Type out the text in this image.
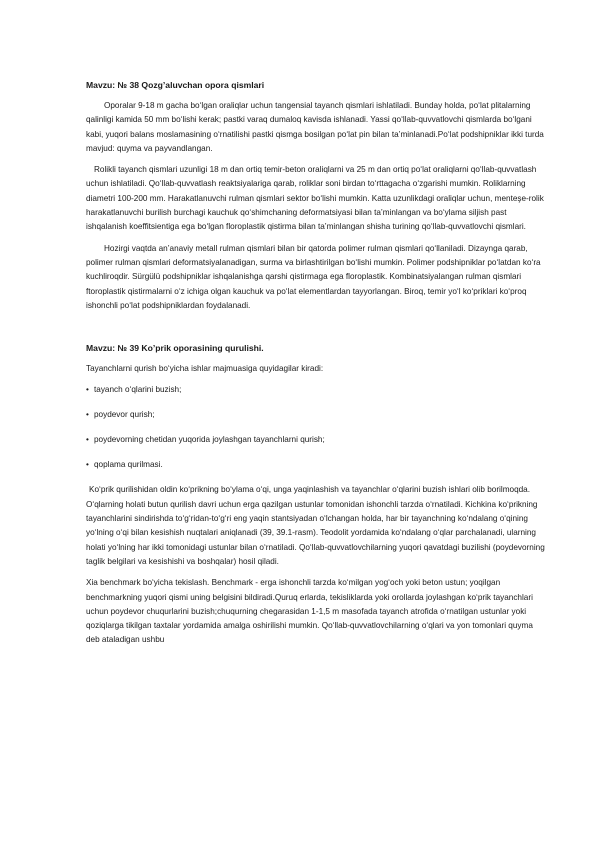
Mavzu: № 38 Qozg’aluvchan opora qismlari

Oporalar 9-18 m gacha bo‘lgan oraliqlar uchun tangensial tayanch qismlari ishlatiladi. Bunday holda, po‘lat plitalarning qalinligi kamida 50 mm bo‘lishi kerak; pastki varaq dumaloq kavisda ishlanadi. Yassi qo‘llab-quvvatlovchi qismlarda bo‘lgani kabi, yuqori balans moslamasining o‘rnatilishi pastki qismga bosilgan po‘lat pin bilan ta’minlanadi.Po‘lat podshipniklar ikki turda mavjud: quyma va payvandlangan.

Rolikli tayanch qismlari uzunligi 18 m dan ortiq temir-beton oraliqlarni va 25 m dan ortiq po‘lat oraliqlarni qo‘llab-quvvatlash uchun ishlatiladi. Qo‘llab-quvvatlash reaktsiyalariga qarab, roliklar soni birdan to‘rttagacha o‘zgarishi mumkin. Roliklarning diametri 100-200 mm. Harakatlanuvchi rulman qismlari sektor bo‘lishi mumkin. Katta uzunlikdagi oraliqlar uchun, menteşe-rolik harakatlanuvchi burilish burchagi kauchuk qo‘shimchaning deformatsiyasi bilan ta’minlangan va bo‘ylama siljish past ishqalanish koeffitsientiga ega bo‘lgan floroplastik qistirma bilan ta’minlangan shisha turining qo‘llab-quvvatlovchi qismlari.

Hozirgi vaqtda an’anaviy metall rulman qismlari bilan bir qatorda polimer rulman qismlari qo‘llaniladi. Dizaynga qarab, polimer rulman qismlari deformatsiyalanadigan, surma va birlashtirilgan bo‘lishi mumkin. Polimer podshipniklar po‘latdan ko‘ra kuchliroqdir. Sürgülü podshipniklar ishqalanishga qarshi qistirmaga ega floroplastik. Kombinatsiyalangan rulman qismlari ftoroplastik qistirmalarni o‘z ichiga olgan kauchuk va po‘lat elementlardan tayyorlangan. Biroq, temir yo‘l ko‘priklari ko‘proq ishonchli po‘lat podshipniklardan foydalanadi.

Mavzu: № 39 Ko’prik oporasining qurulishi.

Tayanchlarni qurish bo‘yicha ishlar majmuasiga quyidagilar kiradi:

• tayanch o‘qlarini buzish;

• poydevor qurish;

• poydevorning chetidan yuqorida joylashgan tayanchlarni qurish;

• qoplama qurilmasi.

Ko‘prik qurilishidan oldin ko‘prikning bo‘ylama o‘qi, unga yaqinlashish va tayanchlar o‘qlarini buzish ishlari olib borilmoqda. O‘qlarning holati butun qurilish davri uchun erga qazilgan ustunlar tomonidan ishonchli tarzda o‘rnatiladi. Kichkina ko‘prikning tayanchlarini sindirishda to‘g‘ridan-to‘g‘ri eng yaqin stantsiyadan o‘lchangan holda, har bir tayanchning ko‘ndalang o‘qining yo‘lning o‘qi bilan kesishish nuqtalari aniqlanadi (39, 39.1-rasm). Teodolit yordamida ko‘ndalang o‘qlar parchalanadi, ularning holati yo‘lning har ikki tomonidagi ustunlar bilan o‘rnatiladi. Qo‘llab-quvvatlovchilarning yuqori qavatdagi buzilishi (poydevorning taglik belgilari va kesishishi va boshqalar) hosil qiladi.

Xia benchmark bo‘yicha tekislash. Benchmark - erga ishonchli tarzda ko‘milgan yog‘och yoki beton ustun; yoqilgan benchmarkning yuqori qismi uning belgisini bildiradi.Quruq erlarda, tekisliklarda yoki orollarda joylashgan ko‘prik tayanchlari uchun poydevor chuqurlarini buzish;chuqurning chegarasidan 1-1,5 m masofada tayanch atrofida o‘rnatilgan ustunlar yoki qoziqlarga tikilgan taxtalar yordamida amalga oshirilishi mumkin. Qo‘llab-quvvatlovchilarning o‘qlari va yon tomonlari quyma deb ataladigan ushbu
